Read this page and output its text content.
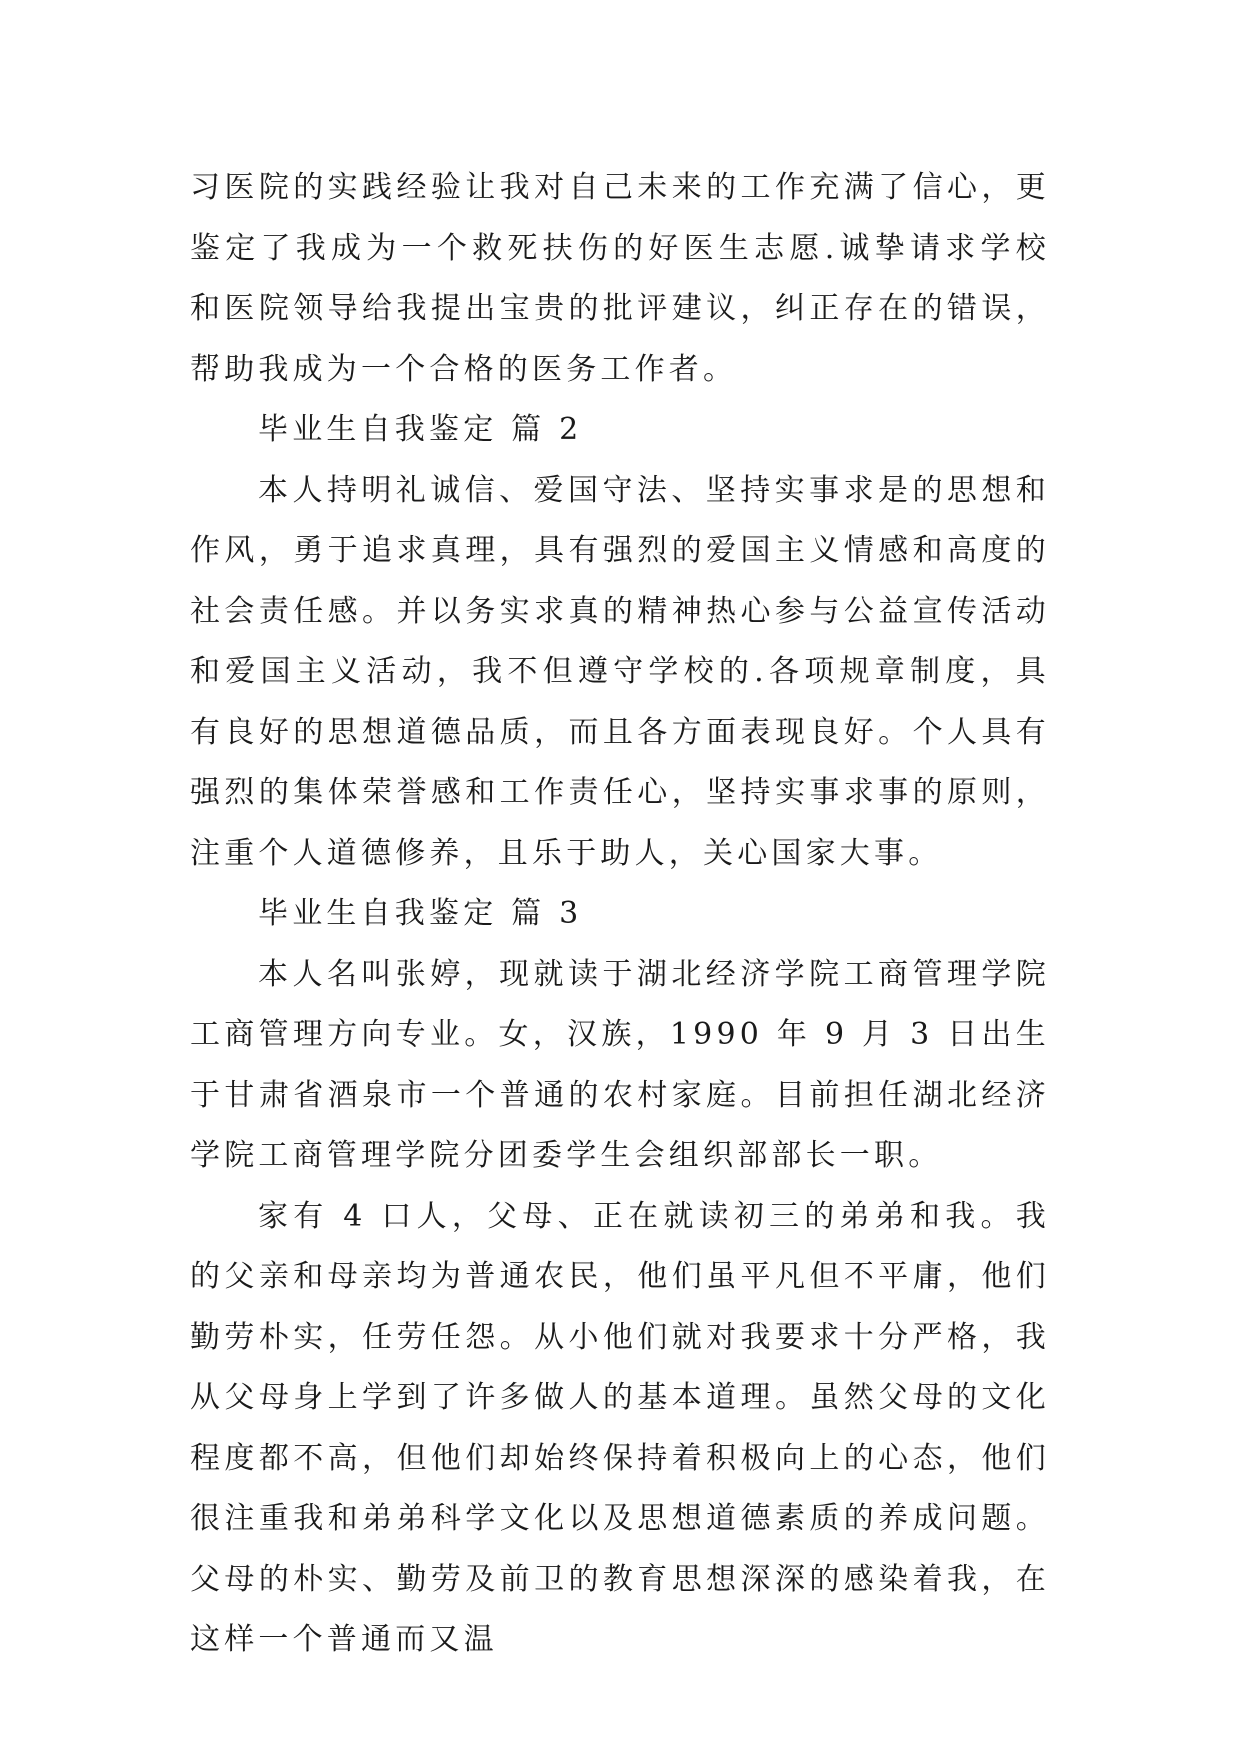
习医院的实践经验让我对自己未来的工作充满了信心，更鉴定了我成为一个救死扶伤的好医生志愿.诚挚请求学校和医院领导给我提出宝贵的批评建议，纠正存在的错误，帮助我成为一个合格的医务工作者。

毕业生自我鉴定 篇 2

本人持明礼诚信、爱国守法、坚持实事求是的思想和作风，勇于追求真理，具有强烈的爱国主义情感和高度的社会责任感。并以务实求真的精神热心参与公益宣传活动和爱国主义活动，我不但遵守学校的.各项规章制度，具有良好的思想道德品质，而且各方面表现良好。个人具有强烈的集体荣誉感和工作责任心，坚持实事求事的原则，注重个人道德修养，且乐于助人，关心国家大事。

毕业生自我鉴定 篇 3

本人名叫张婷，现就读于湖北经济学院工商管理学院工商管理方向专业。女，汉族，1990 年 9 月 3 日出生于甘肃省酒泉市一个普通的农村家庭。目前担任湖北经济学院工商管理学院分团委学生会组织部部长一职。

家有 4 口人，父母、正在就读初三的弟弟和我。我的父亲和母亲均为普通农民，他们虽平凡但不平庸，他们勤劳朴实，任劳任怨。从小他们就对我要求十分严格，我从父母身上学到了许多做人的基本道理。虽然父母的文化程度都不高，但他们却始终保持着积极向上的心态，他们很注重我和弟弟科学文化以及思想道德素质的养成问题。父母的朴实、勤劳及前卫的教育思想深深的感染着我，在这样一个普通而又温
